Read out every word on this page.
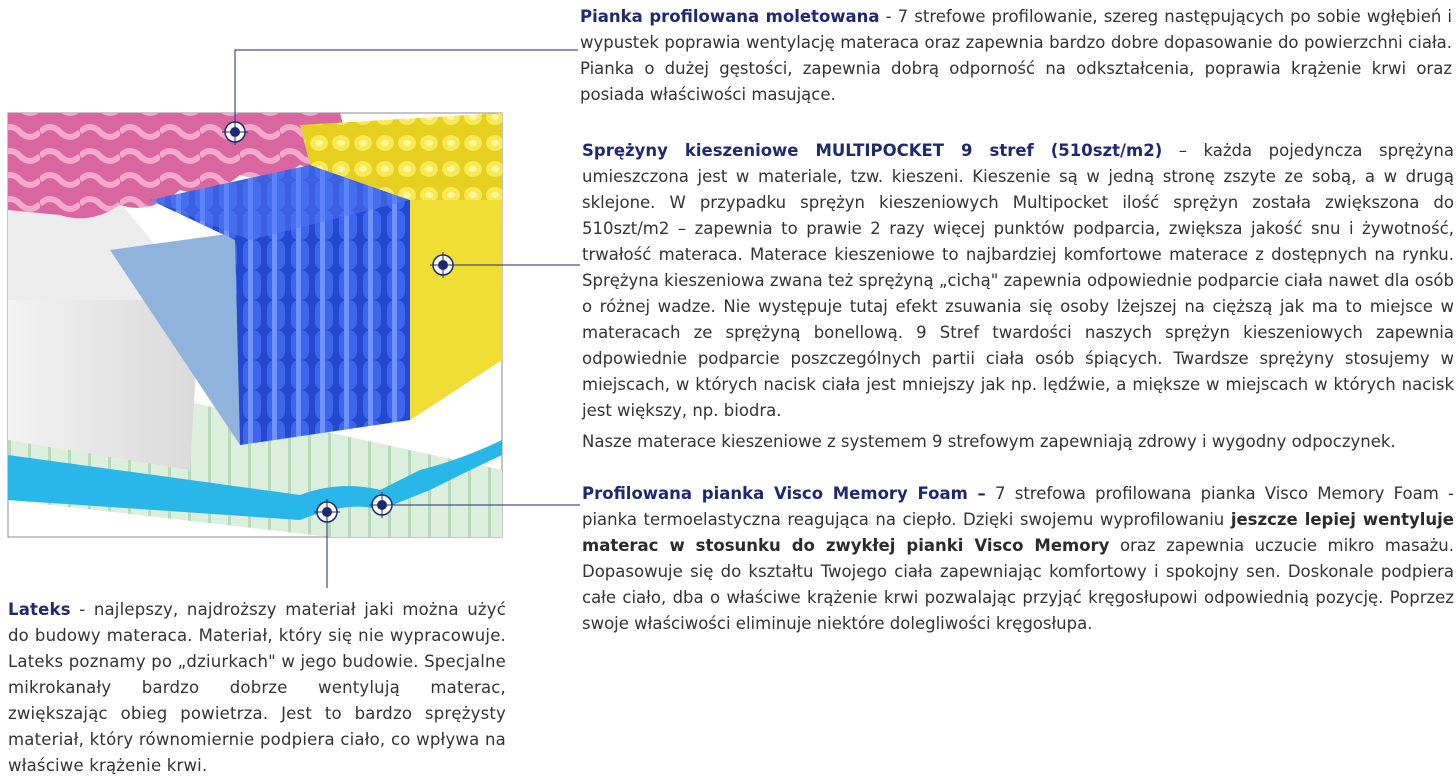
Pianka profilowana moletowana - 7 strefowe profilowanie, szereg następujących po sobie wgłębień i wypustek poprawia wentylację materaca oraz zapewnia bardzo dobre dopasowanie do powierzchni ciała. Pianka o dużej gęstości, zapewnia dobrą odporność na odkształcenia, poprawia krążenie krwi oraz posiada właściwości masujące.

Sprężyny kieszeniowe MULTIPOCKET 9 stref (510szt/m2) – każda pojedyncza sprężyna umieszczona jest w materiale, tzw. kieszeni. Kieszenie są w jedną stronę zszyte ze sobą, a w drugą sklejone. W przypadku sprężyn kieszeniowych Multipocket ilość sprężyn została zwiększona do 510szt/m2 – zapewnia to prawie 2 razy więcej punktów podparcia, zwiększa jakość snu i żywotność, trwałość materaca. Materace kieszeniowe to najbardziej komfortowe materace z dostępnych na rynku. Sprężyna kieszeniowa zwana też sprężyną „cichą" zapewnia odpowiednie podparcie ciała nawet dla osób o różnej wadze. Nie występuje tutaj efekt zsuwania się osoby lżejszej na cięższą jak ma to miejsce w materacach ze sprężyną bonellową. 9 Stref twardości naszych sprężyn kieszeniowych zapewnia odpowiednie podparcie poszczególnych partii ciała osób śpiących. Twardsze sprężyny stosujemy w miejscach, w których nacisk ciała jest mniejszy jak np. lędźwie, a miększe w miejscach w których nacisk jest większy, np. biodra.

Nasze materace kieszeniowe z systemem 9 strefowym zapewniają zdrowy i wygodny odpoczynek.

Profilowana pianka Visco Memory Foam – 7 strefowa profilowana pianka Visco Memory Foam - pianka termoelastyczna reagująca na ciepło. Dzięki swojemu wyprofilowaniu jeszcze lepiej wentyluje materac w stosunku do zwykłej pianki Visco Memory oraz zapewnia uczucie mikro masażu. Dopasowuje się do kształtu Twojego ciała zapewniając komfortowy i spokojny sen. Doskonale podpiera całe ciało, dba o właściwe krążenie krwi pozwalając przyjąć kręgosłupowi odpowiednią pozycję. Poprzez swoje właściwości eliminuje niektóre dolegliwości kręgosłupa.

Lateks - najlepszy, najdroższy materiał jaki można użyć do budowy materaca. Materiał, który się nie wypracowuje. Lateks poznamy po „dziurkach" w jego budowie. Specjalne mikrokanały bardzo dobrze wentylują materac, zwiększając obieg powietrza. Jest to bardzo sprężysty materiał, który równomiernie podpiera ciało, co wpływa na właściwe krążenie krwi.
